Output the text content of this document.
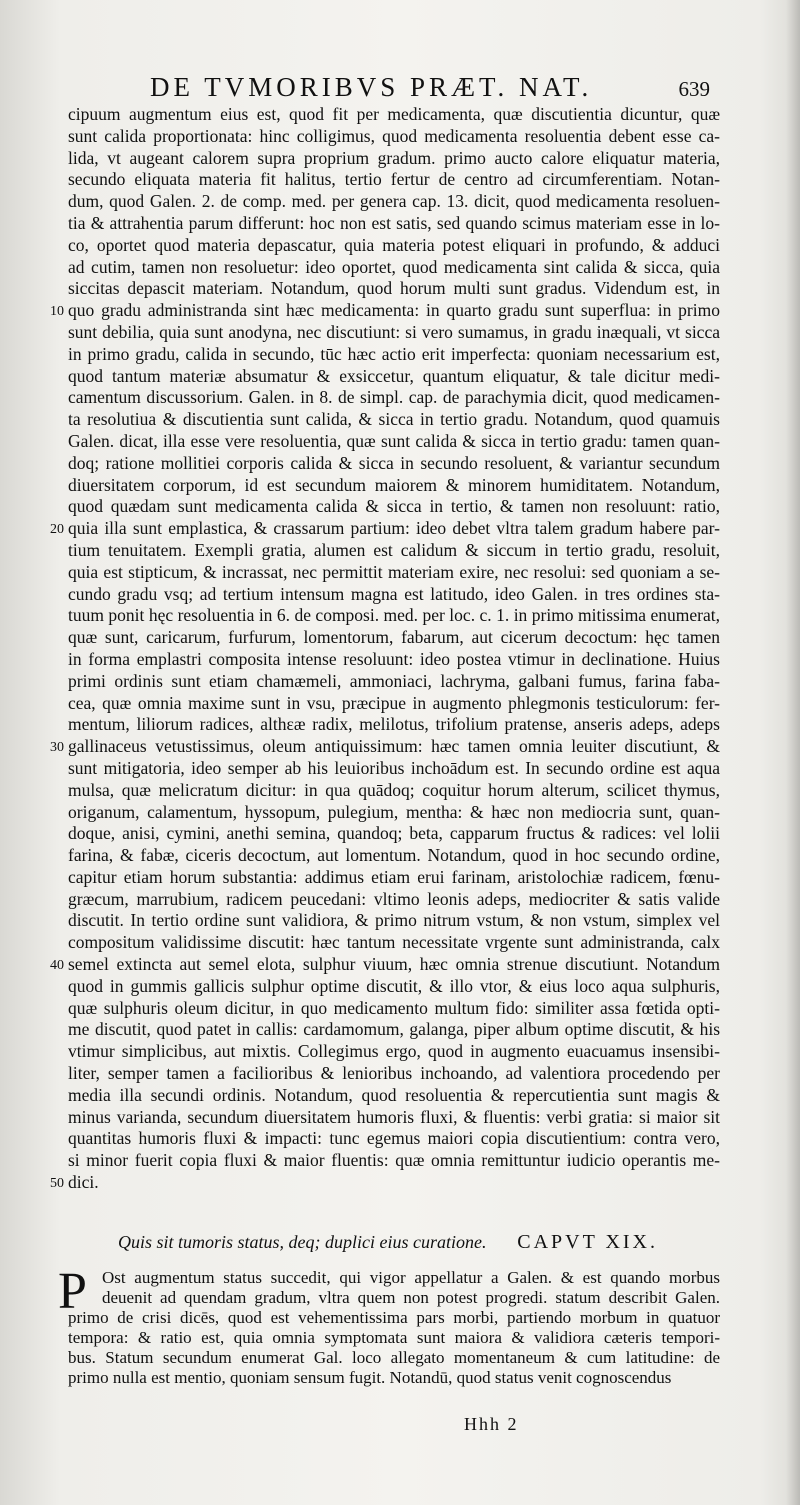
DE TVMORIBVS PRÆT. NAT.	639
cipuum augmentum eius est, quod fit per medicamenta, quæ discutientia dicuntur, quæ
sunt calida proportionata: hinc colligimus, quod medicamenta resoluentia debent esse ca-
lida, vt augeant calorem supra proprium gradum. primo aucto calore eliquatur materia,
secundo eliquata materia fit halitus, tertio fertur de centro ad circumferentiam. Notan-
dum, quod Galen. 2. de comp. med. per genera cap. 13. dicit, quod medicamenta resoluen-
tia & attrahentia parum differunt: hoc non est satis, sed quando scimus materiam esse in lo-
co, oportet quod materia depascatur, quia materia potest eliquari in profundo, & adduci
ad cutim, tamen non resoluetur: ideo oportet, quod medicamenta sint calida & sicca, quia
siccitas depascit materiam. Notandum, quod horum multi sunt gradus. Videndum est, in
10 quo gradu administranda sint hæc medicamenta: in quarto gradu sunt superflua: in primo
sunt debilia, quia sunt anodyna, nec discutiunt: si vero sumamus, in gradu inæquali, vt sicca
in primo gradu, calida in secundo, tūc hæc actio erit imperfecta: quoniam necessarium est,
quod tantum materiæ absumatur & exsiccetur, quantum eliquatur, & tale dicitur medi-
camentum discussorium. Galen. in 8. de simpl. cap. de parachymia dicit, quod medicamen-
ta resolutiua & discutientia sunt calida, & sicca in tertio gradu. Notandum, quod quamuis
Galen. dicat, illa esse vere resoluentia, quæ sunt calida & sicca in tertio gradu: tamen quan-
doq; ratione mollitiei corporis calida & sicca in secundo resoluent, & variantur secundum
diuersitatem corporum, id est secundum maiorem & minorem humiditatem. Notandum,
quod quædam sunt medicamenta calida & sicca in tertio, & tamen non resoluunt: ratio,
20 quia illa sunt emplastica, & crassarum partium: ideo debet vltra talem gradum habere par-
tium tenuitatem. Exempli gratia, alumen est calidum & siccum in tertio gradu, resoluit,
quia est stipticum, & incrassat, nec permittit materiam exire, nec resolui: sed quoniam a se-
cundo gradu vsq; ad tertium intensum magna est latitudo, ideo Galen. in tres ordines sta-
tuum ponit hęc resoluentia in 6. de composi. med. per loc. c. 1. in primo mitissima enumerat,
quæ sunt, caricarum, furfurum, lomentorum, fabarum, aut cicerum decoctum: hęc tamen
in forma emplastri composita intense resoluunt: ideo postea vtimur in declinatione. Huius
primi ordinis sunt etiam chamæmeli, ammoniaci, lachryma, galbani fumus, farina faba-
cea, quæ omnia maxime sunt in vsu, præcipue in augmento phlegmonis testiculorum: fer-
mentum, liliorum radices, althεæ radix, melilotus, trifolium pratense, anseris adeps, adeps
30 gallinaceus vetustissimus, oleum antiquissimum: hæc tamen omnia leuiter discutiunt, &
sunt mitigatoria, ideo semper ab his leuioribus inchoādum est. In secundo ordine est aqua
mulsa, quæ melicratum dicitur: in qua quādoq; coquitur horum alterum, scilicet thymus,
origanum, calamentum, hyssopum, pulegium, mentha: & hæc non mediocria sunt, quan-
doque, anisi, cymini, anethi semina, quandoq; beta, capparum fructus & radices: vel lolii
farina, & fabæ, ciceris decoctum, aut lomentum. Notandum, quod in hoc secundo ordine,
capitur etiam horum substantia: addimus etiam erui farinam, aristolochiæ radicem, fœnu-
græcum, marrubium, radicem peucedani: vltimo leonis adeps, mediocriter & satis valide
discutit. In tertio ordine sunt validiora, & primo nitrum vstum, & non vstum, simplex vel
compositum validissime discutit: hæc tantum necessitate vrgente sunt administranda, calx
40 semel extincta aut semel elota, sulphur viuum, hæc omnia strenue discutiunt. Notandum
quod in gummis gallicis sulphur optime discutit, & illo vtor, & eius loco aqua sulphuris,
quæ sulphuris oleum dicitur, in quo medicamento multum fido: similiter assa fœtida opti-
me discutit, quod patet in callis: cardamomum, galanga, piper album optime discutit, & his
vtimur simplicibus, aut mixtis. Collegimus ergo, quod in augmento euacuamus insensibi-
liter, semper tamen a facilioribus & lenioribus inchoando, ad valentiora procedendo per
media illa secundi ordinis. Notandum, quod resoluentia & repercutientia sunt magis &
minus varianda, secundum diuersitatem humoris fluxi, & fluentis: verbi gratia: si maior sit
quantitas humoris fluxi & impacti: tunc egemus maiori copia discutientium: contra vero,
si minor fuerit copia fluxi & maior fluentis: quæ omnia remittuntur iudicio operantis me-
50 dici.
Quis sit tumoris status, deq; duplici eius curatione. CAPVT XIX.
P Ost augmentum status succedit, qui vigor appellatur a Galen. & est quando morbus
deuenit ad quendam gradum, vltra quem non potest progredi. statum describit Galen.
primo de crisi dicēs, quod est vehementissima pars morbi, partiendo morbum in quatuor
tempora: & ratio est, quia omnia symptomata sunt maiora & validiora cæteris tempori-
bus. Statum secundum enumerat Gal. loco allegato momentaneum & cum latitudine: de
primo nulla est mentio, quoniam sensum fugit. Notandū, quod status venit cognoscendus
Hhh 2
